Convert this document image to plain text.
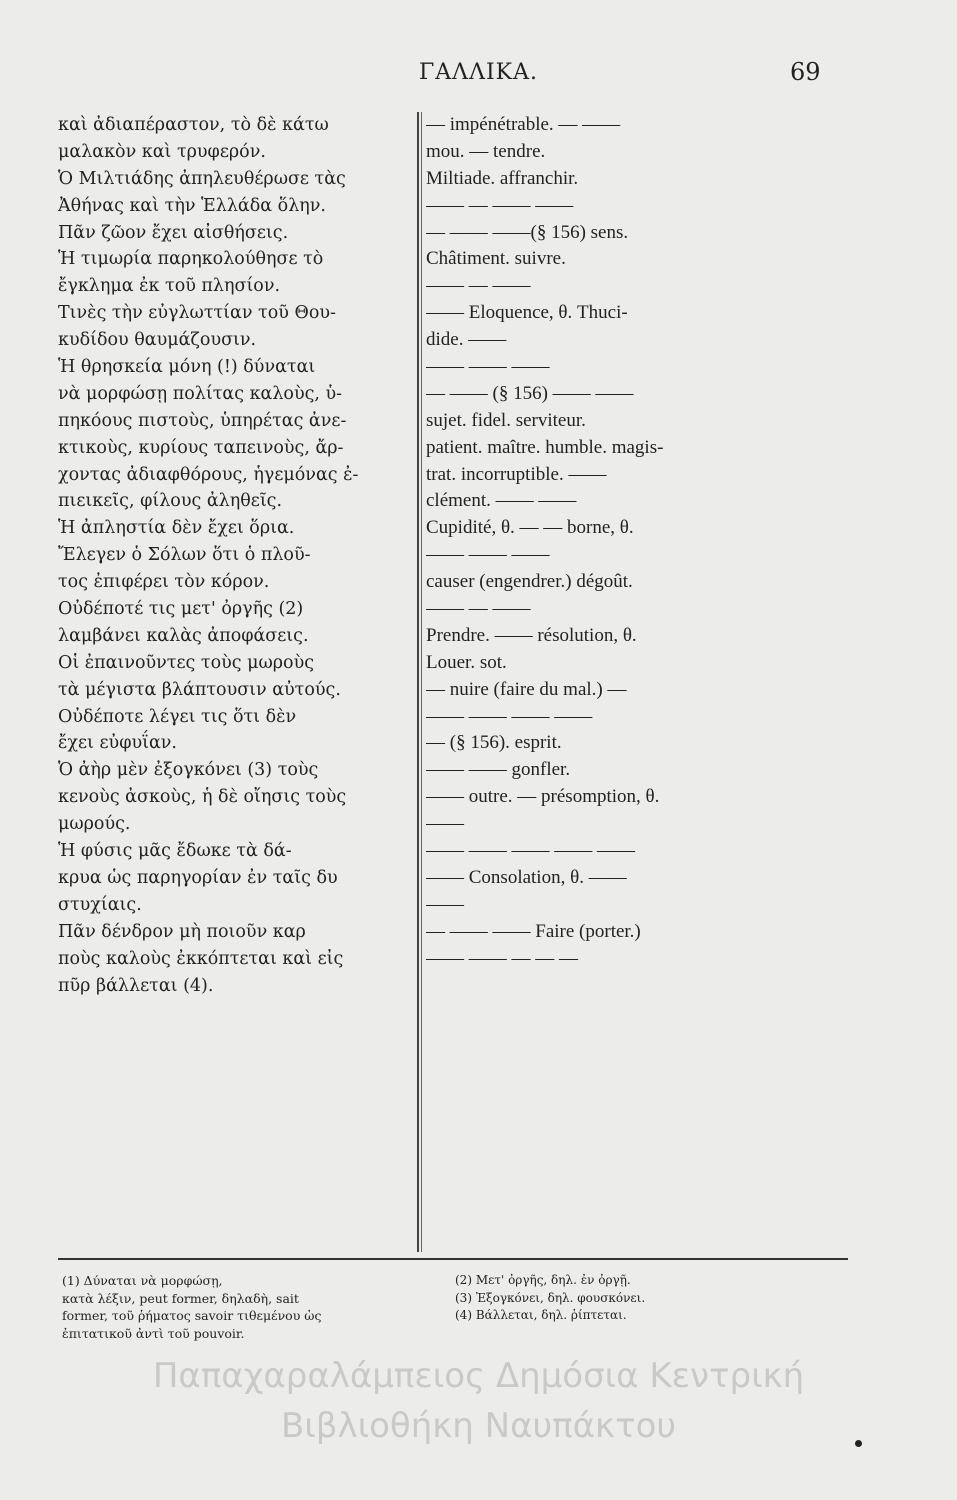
ΓΑΛΛΙΚΑ.	69
καὶ ἀδιαπέραστον, τὸ δὲ κάτω
μαλακὸν καὶ τρυφερόν.
Ὁ Μιλτιάδης ἀπηλευθέρωσε τὰς
Ἀθήνας καὶ τὴν Ἑλλάδα ὅλην.
Πᾶν ζῶον ἔχει αἰσθήσεις.
Ἡ τιμωρία παρηκολούθησε τὸ
ἔγκλημα ἐκ τοῦ πλησίον.
Τινὲς τὴν εὐγλωττίαν τοῦ Θου-
κυδίδου θαυμάζουσιν.
Ἡ θρησκεία μόνη (!) δύναται
νὰ μορφώσῃ πολίτας καλοὺς, ὑ-
πηκόους πιστοὺς, ὑπηρέτας ἀνε-
κτικοὺς, κυρίους ταπεινοὺς, ἄρ-
χοντας ἀδιαφθόρους, ἡγεμόνας ἐ-
πιεικεῖς, φίλους ἀληθεῖς.
Ἡ ἀπληστία δὲν ἔχει ὅρια.
Ἔλεγεν ὁ Σόλων ὅτι ὁ πλοῦ-
τος ἐπιφέρει τὸν κόρον.
Οὐδέποτέ τις μετ' ὀργῆς (2)
λαμβάνει καλὰς ἀποφάσεις.
Οἱ ἐπαινοῦντες τοὺς μωροὺς
τὰ μέγιστα βλάπτουσιν αὐτούς.
Οὐδέποτε λέγει τις ὅτι δὲν
ἔχει εὐφυΐαν.
Ὁ ἀὴρ μὲν ἐξογκόνει (3) τοὺς
κενοὺς ἀσκοὺς, ἡ δὲ οἴησις τοὺς
μωρούς.
Ἡ φύσις μᾶς ἔδωκε τὰ δά-
κρυα ὡς παρηγορίαν ἐν ταῖς δυ
στυχίαις.
Πᾶν δένδρον μὴ ποιοῦν καρ
ποὺς καλοὺς ἐκκόπτεται καὶ εἰς
πῦρ βάλλεται (4).
— impénétrable. — ——
mou. — tendre.
Miltiade. affranchir.
—— — —— ——
— —— ——(§ 156) sens.
Châtiment. suivre.
—— — ——
—— Eloquence, θ. Thuci-
dide. ——
—— —— ——
— —— (§ 156) —— ——
sujet. fidel. serviteur.
patient. maître. humble. magis-
trat. incorruptible. ——
clément. —— ——
Cupidité, θ. — — borne, θ.
—— —— ——
causer (engendrer.) dégoût.
—— — ——
Prendre. —— résolution, θ.
Louer. sot.
— nuire (faire du mal.) —
—— —— —— ——
— (§ 156). esprit.
—— —— gonfler.
—— outre. — présomption, θ.
——
—— —— —— —— ——
—— Consolation, θ. ——
——
— —— —— Faire (porter.)
—— —— — — —
(1) Δύναται νὰ μορφώσῃ,
κατὰ λέξιν, peut former, δηλαδὴ, sait
former, τοῦ ῥήματος savoir τιθεμένου ὡς
ἐπιτατικοῦ ἀντὶ τοῦ pouvoir.
(2) Μετ' ὀργῆς, δηλ. ἐν ὀργῇ.
(3) Ἐξογκόνει, δηλ. φουσκόνει.
(4) Βάλλεται, δηλ. ῥίπτεται.
Παπαχαραλάμπειος Δημόσια Κεντρική
Βιβλιοθήκη Ναυπάκτου
